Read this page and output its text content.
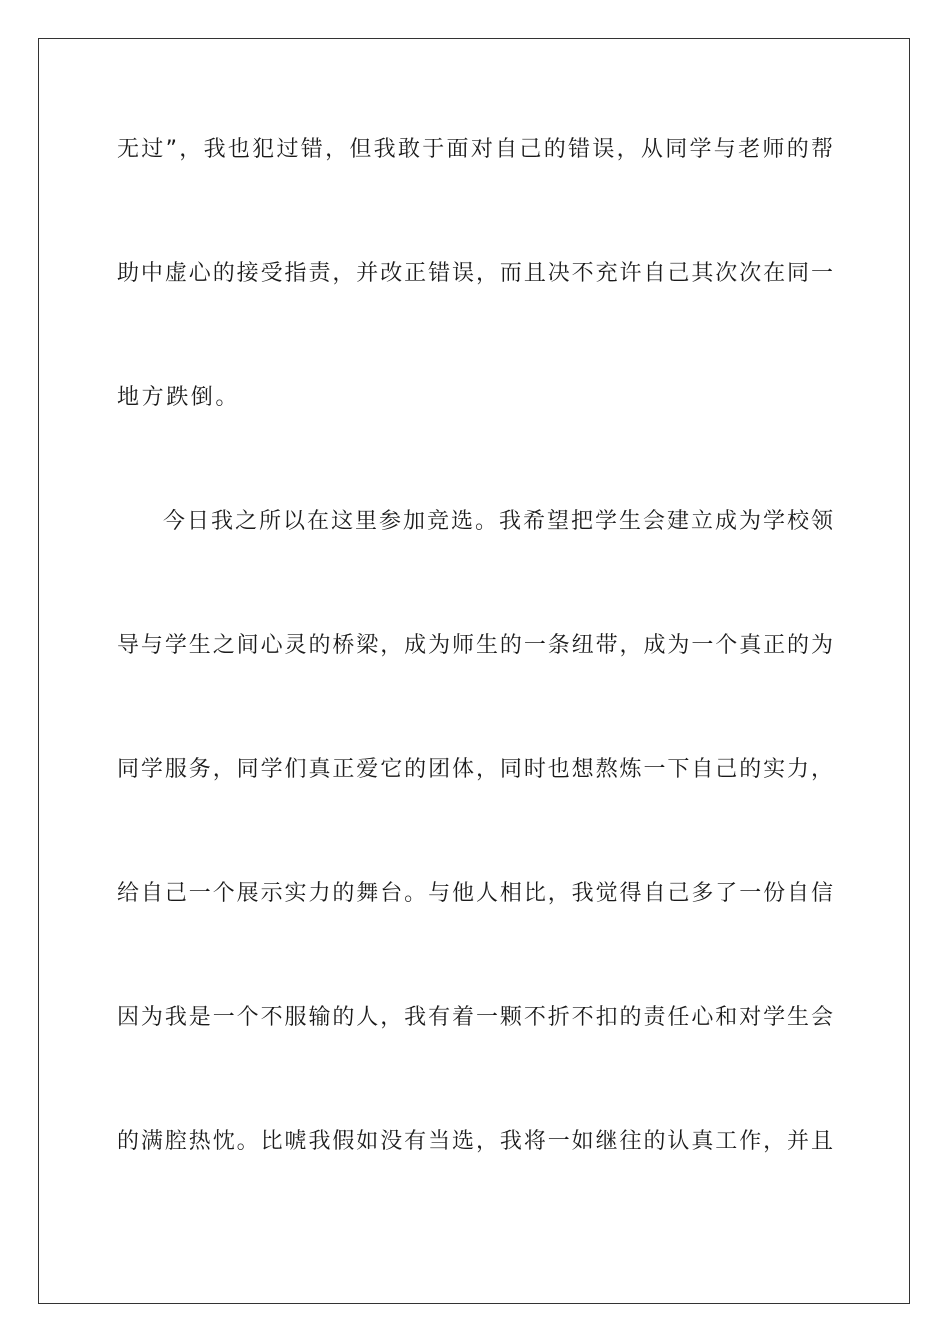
无过”，我也犯过错，但我敢于面对自己的错误，从同学与老师的帮
助中虚心的接受指责，并改正错误，而且决不充许自己其次次在同一
地方跌倒。
今日我之所以在这里参加竞选。我希望把学生会建立成为学校领
导与学生之间心灵的桥梁，成为师生的一条纽带，成为一个真正的为
同学服务，同学们真正爱它的团体，同时也想熬炼一下自己的实力，
给自己一个展示实力的舞台。与他人相比，我觉得自己多了一份自信
因为我是一个不服输的人，我有着一颗不折不扣的责任心和对学生会
的满腔热忱。比唬我假如没有当选，我将一如继往的认真工作，并且
